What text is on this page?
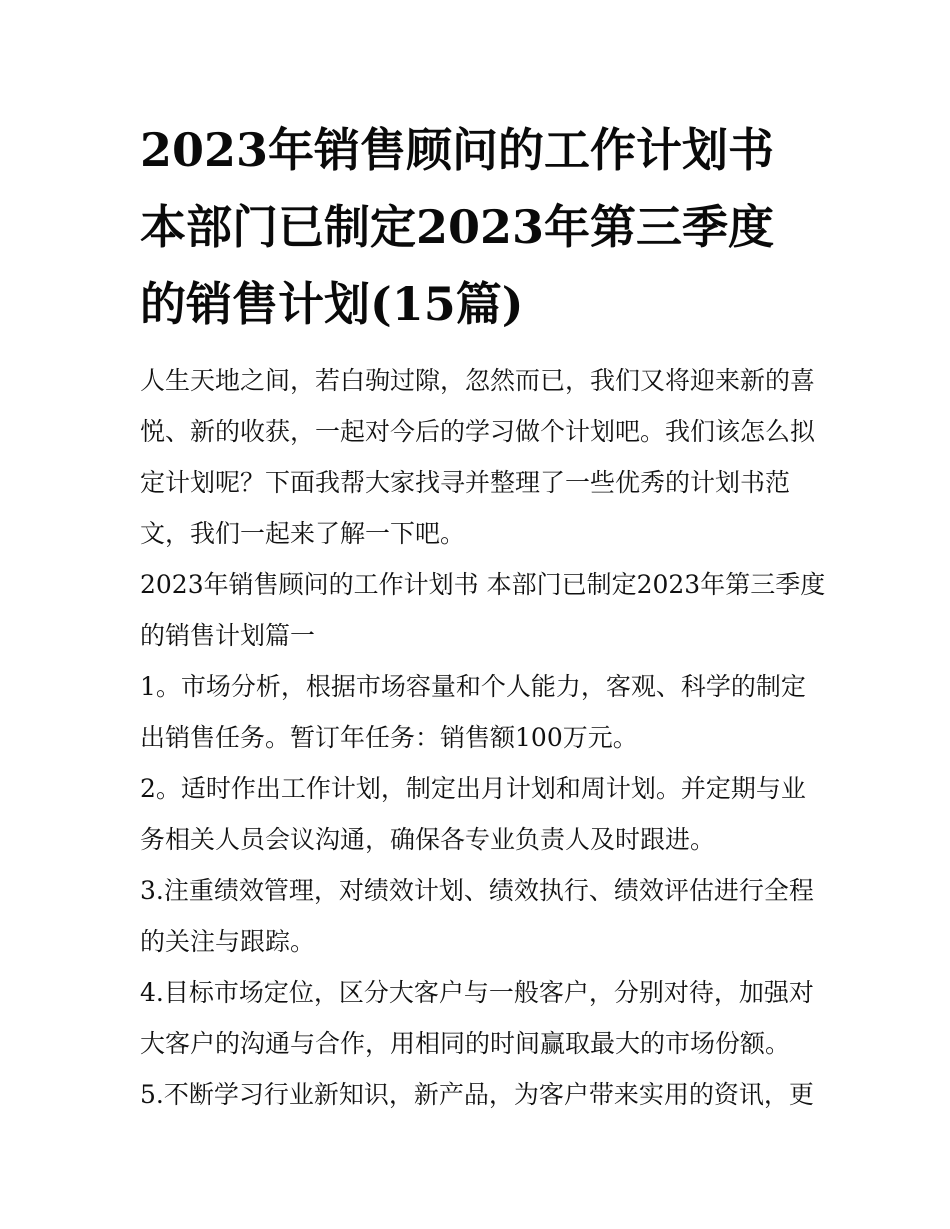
2023年销售顾问的工作计划书
本部门已制定2023年第三季度
的销售计划(15篇)

人生天地之间，若白驹过隙，忽然而已，我们又将迎来新的喜
悦、新的收获，一起对今后的学习做个计划吧。我们该怎么拟
定计划呢？下面我帮大家找寻并整理了一些优秀的计划书范
文，我们一起来了解一下吧。

2023年销售顾问的工作计划书 本部门已制定2023年第三季度
的销售计划篇一

1。市场分析，根据市场容量和个人能力，客观、科学的制定
出销售任务。暂订年任务：销售额100万元。

2。适时作出工作计划，制定出月计划和周计划。并定期与业
务相关人员会议沟通，确保各专业负责人及时跟进。

3.注重绩效管理，对绩效计划、绩效执行、绩效评估进行全程
的关注与跟踪。

4.目标市场定位，区分大客户与一般客户，分别对待，加强对
大客户的沟通与合作，用相同的时间赢取最大的市场份额。

5.不断学习行业新知识，新产品，为客户带来实用的资讯，更
